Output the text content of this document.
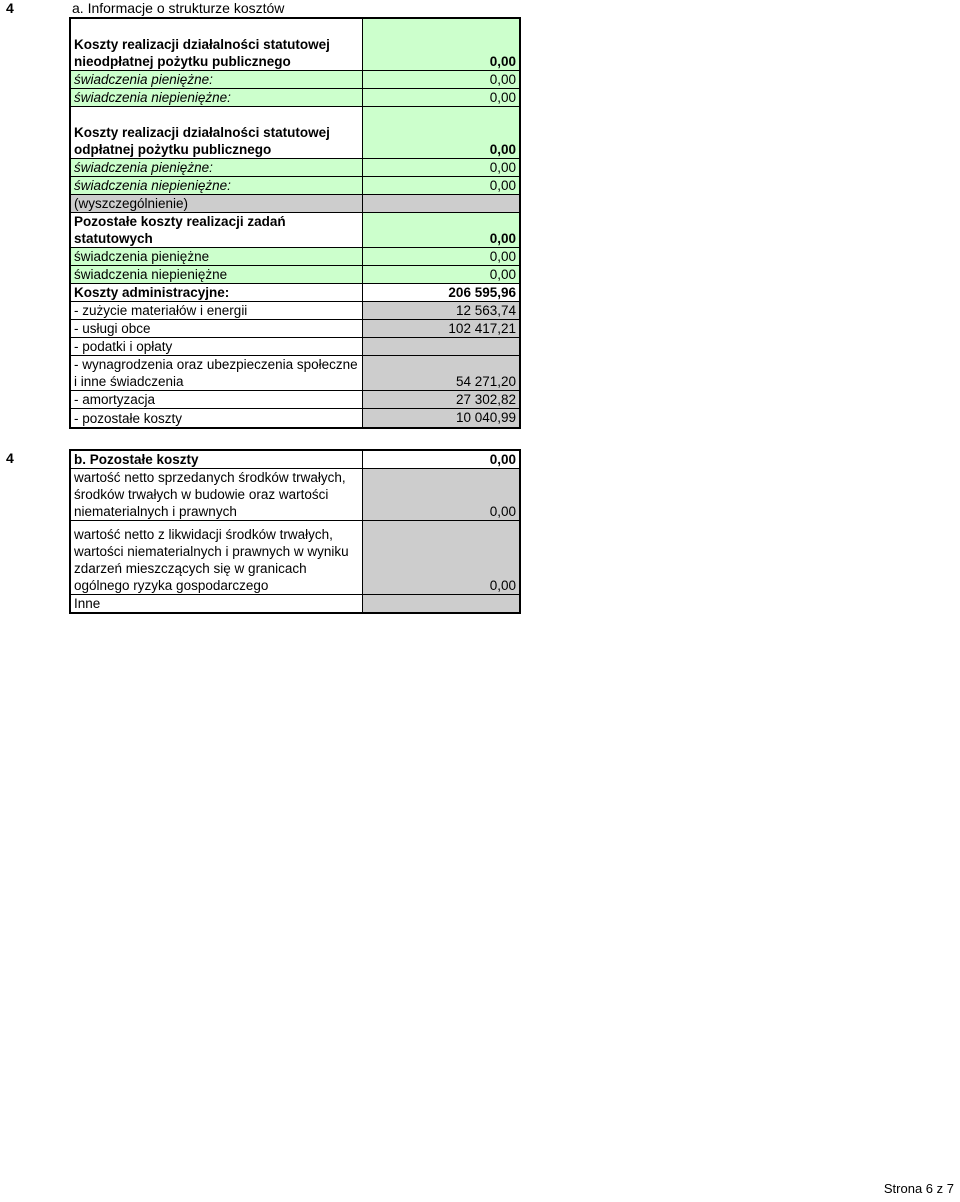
4	a. Informacje o strukturze kosztów
Koszty realizacji działalności statutowej
nieodpłatnej pożytku publicznego	0,00
świadczenia pieniężne:	0,00
świadczenia niepieniężne:	0,00

Koszty realizacji działalności statutowej
odpłatnej pożytku publicznego	0,00
świadczenia pieniężne:	0,00
świadczenia niepieniężne:	0,00
(wyszczególnienie)	

Pozostałe koszty realizacji zadań
statutowych	0,00
świadczenia pieniężne	0,00
świadczenia niepieniężne	0,00
Koszty administracyjne:	206 595,96
- zużycie materiałów i energii	12 563,74
- usługi obce	102 417,21
- podatki i opłaty	

- wynagrodzenia oraz ubezpieczenia społeczne
i inne świadczenia	54 271,20
- amortyzacja	27 302,82
- pozostałe koszty	10 040,99
4	b. Pozostałe koszty	0,00

wartość netto sprzedanych środków trwałych,
środków trwałych w budowie oraz wartości
niematerialnych i prawnych	0,00

wartość netto z likwidacji środków trwałych,
wartości niematerialnych i prawnych w wyniku
zdarzeń mieszczących się w granicach
ogólnego ryzyka gospodarczego	0,00
Inne	
Strona 6 z 7
